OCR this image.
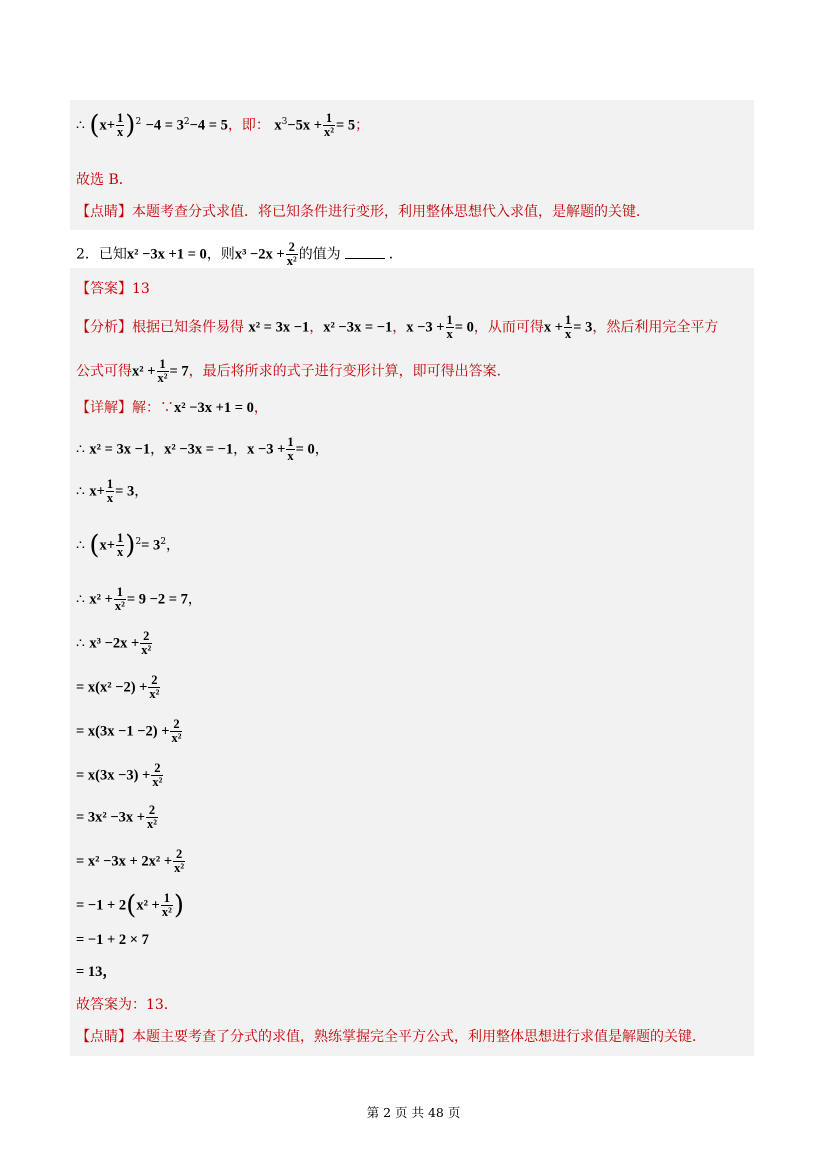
∴ $(x+ \frac{1}{x} )^2 -4 = 3^2-4 = 5$，即： $x^3-5x + \frac{1}{\text{x²}} = 5$；
故选 B．
【点睛】本题考查分式求值．将已知条件进行变形，利用整体思想代入求值，是解题的关键．
2．已知x² −3x +1 = 0，则$x^3 -2x + \frac{2}{\text{x²}}$ 的值为	．
【答案】13
【分析】根据已知条件易得 x² = 3x −1，x² −3x = −1，$x -3 + \frac{1}{x} = 0$，从而可得$x + \frac{1}{x} = 3$，然后利用完全平方
公式可得$x^2 + \frac{1}{\text{x²}} = 7$，最后将所求的式子进行变形计算，即可得出答案．
【详解】解：∵x² −3x +1 = 0，
∴ x² = 3x −1，x² −3x = −1，$x -3 + \frac{1}{x} = 0$，
∴ $x+ \frac{1}{x} = 3$，
∴ $(x+ \frac{1}{x} )^2= 3^2$，
∴ $x^2 + \frac{1}{\text{x²}} = 9 -2 = 7$，
∴ $x^3 -2x + \frac{2}{\text{x²}}$
= $x(x^2 -2) + \frac{2}{\text{x²}}$
= $x(3x -1 -2) + \frac{2}{\text{x²}}$
= $x(3x -3) + \frac{2}{\text{x²}}$
= $3x^2 -3x + \frac{2}{\text{x²}}$
= $x^2 -3x + 2x^2 + \frac{2}{\text{x²}}$
= $-1 + 2(x^2 + \frac{1}{\text{x²}}$ )
= −1 + 2 × 7
= 13，
故答案为：13．
【点睛】本题主要考查了分式的求值，熟练掌握完全平方公式，利用整体思想进行求值是解题的关键．
第 2 页 共 48 页
